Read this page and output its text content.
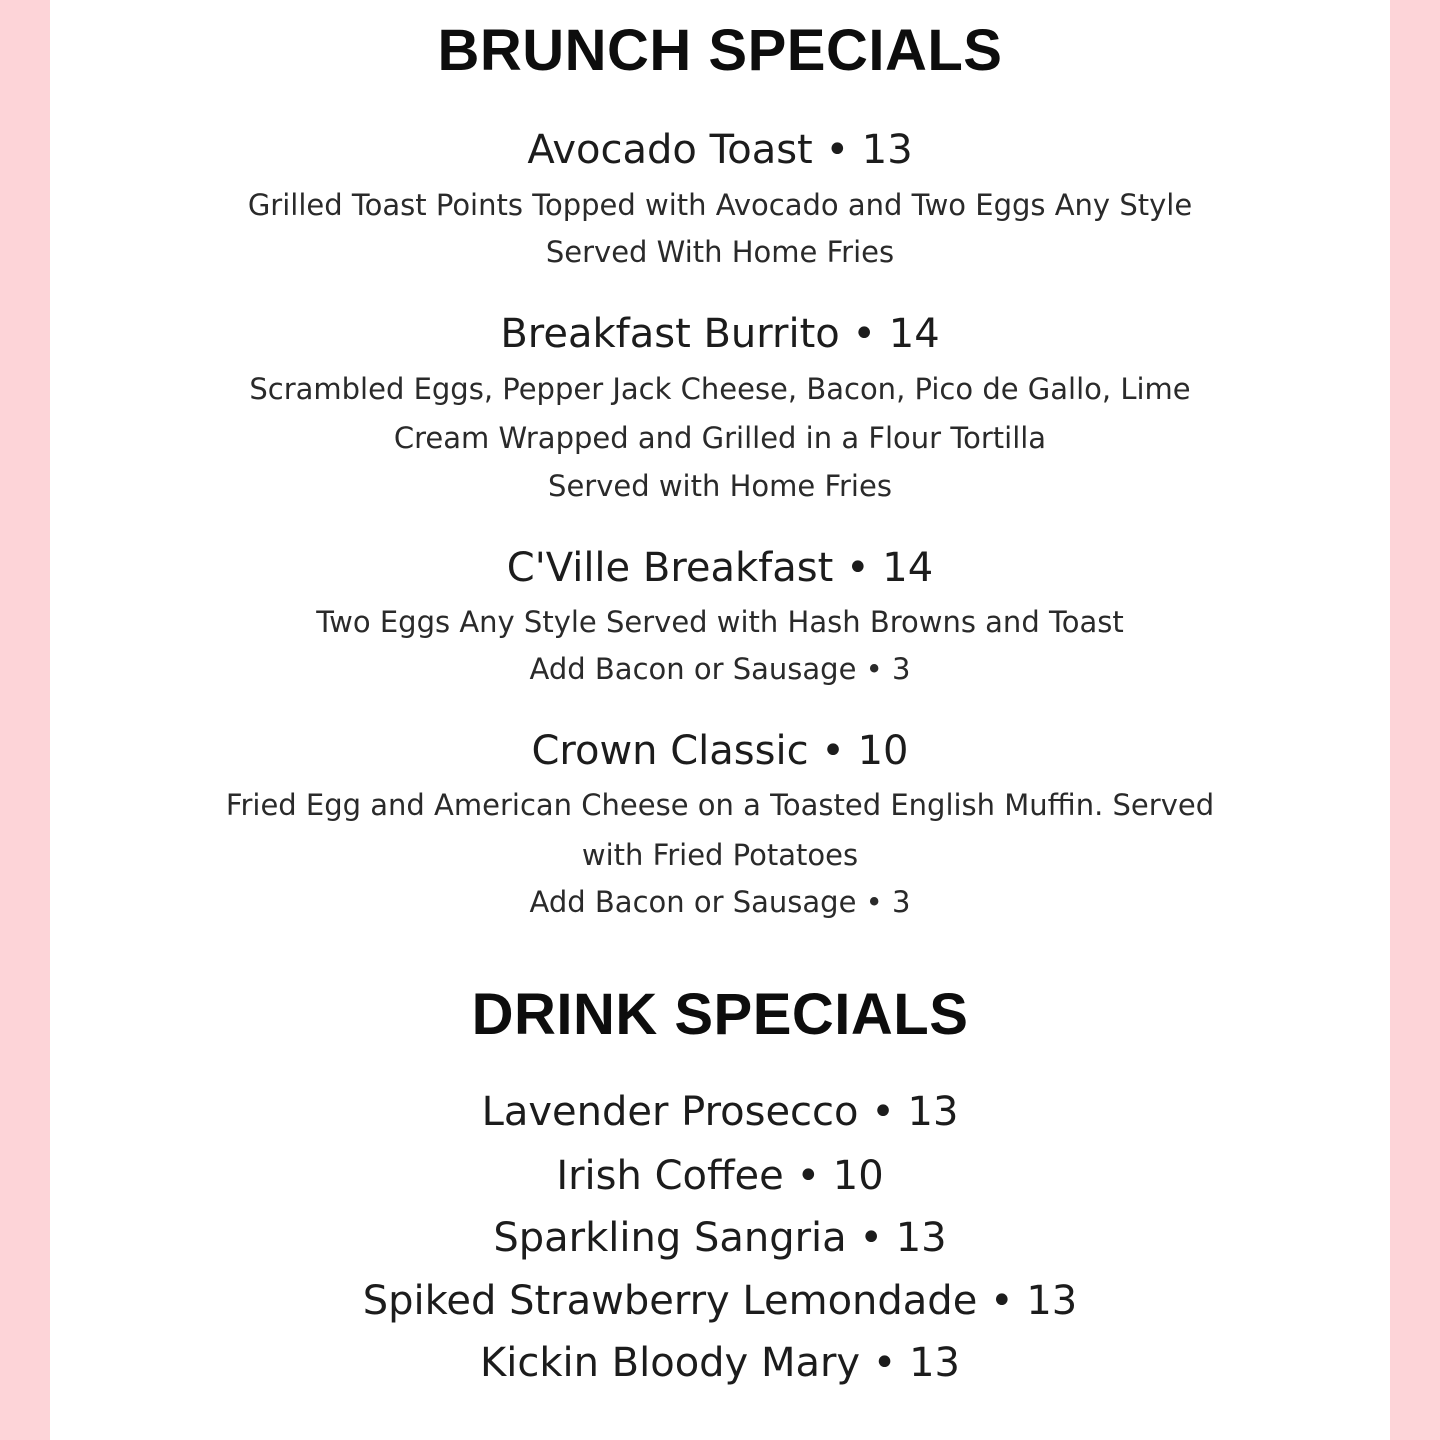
BRUNCH SPECIALS
Avocado Toast • 13
Grilled Toast Points Topped with Avocado and Two Eggs Any Style
Served With Home Fries
Breakfast Burrito • 14
Scrambled Eggs, Pepper Jack Cheese, Bacon, Pico de Gallo, Lime
Cream Wrapped and Grilled in a Flour Tortilla
Served with Home Fries
C'Ville Breakfast • 14
Two Eggs Any Style Served with Hash Browns and Toast
Add Bacon or Sausage • 3
Crown Classic • 10
Fried Egg and American Cheese on a Toasted English Muffin. Served
with Fried Potatoes
Add Bacon or Sausage • 3
DRINK SPECIALS
Lavender Prosecco • 13
Irish Coffee • 10
Sparkling Sangria • 13
Spiked Strawberry Lemondade • 13
Kickin Bloody Mary • 13
